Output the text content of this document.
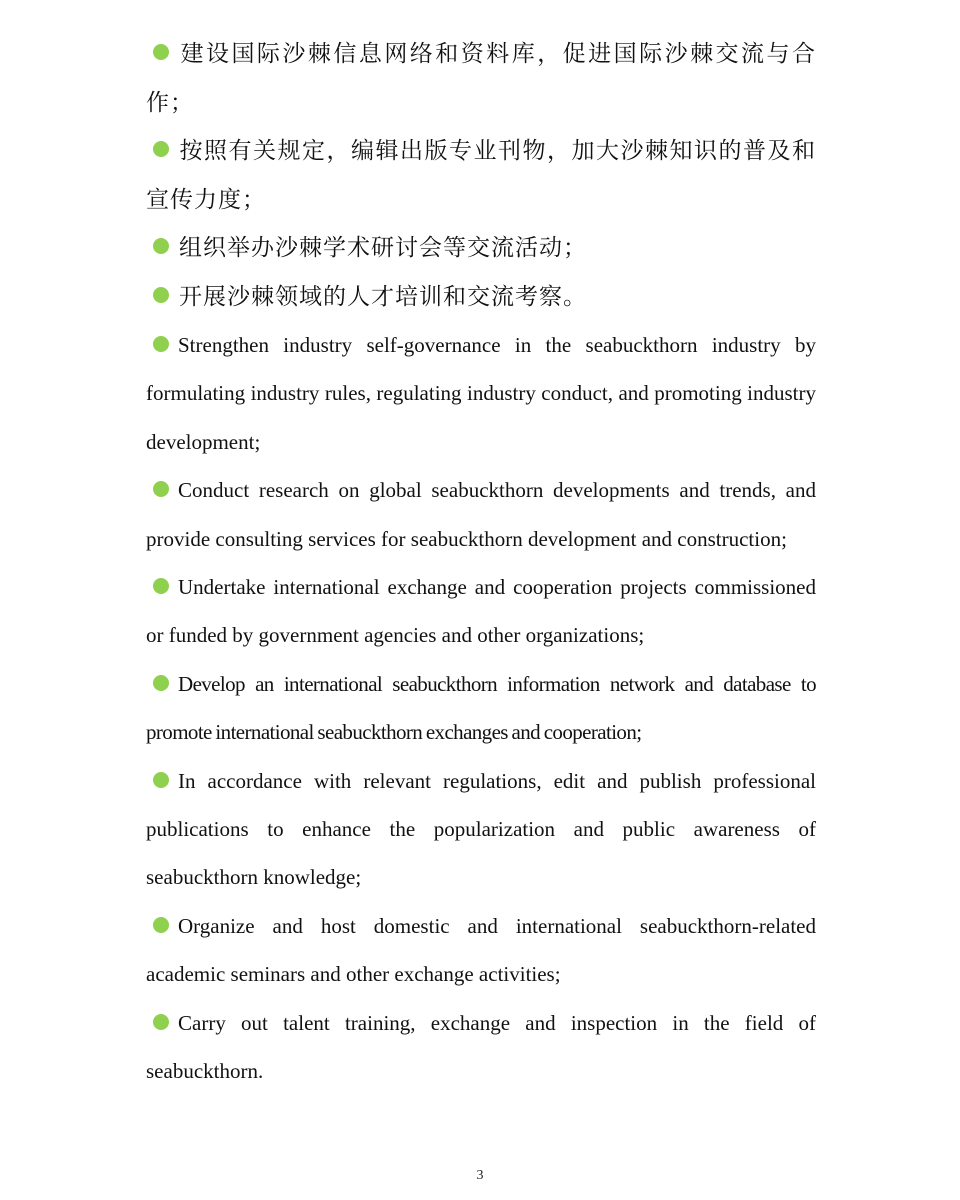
建设国际沙棘信息网络和资料库，促进国际沙棘交流与合作；

按照有关规定，编辑出版专业刊物，加大沙棘知识的普及和宣传力度；

组织举办沙棘学术研讨会等交流活动；

开展沙棘领域的人才培训和交流考察。

Strengthen industry self-governance in the seabuckthorn industry by formulating industry rules, regulating industry conduct, and promoting industry development;

Conduct research on global seabuckthorn developments and trends, and provide consulting services for seabuckthorn development and construction;

Undertake international exchange and cooperation projects commissioned or funded by government agencies and other organizations;

Develop an international seabuckthorn information network and database to promote international seabuckthorn exchanges and cooperation;

In accordance with relevant regulations, edit and publish professional publications to enhance the popularization and public awareness of seabuckthorn knowledge;

Organize and host domestic and international seabuckthorn-related academic seminars and other exchange activities;

Carry out talent training, exchange and inspection in the field of seabuckthorn.

3
